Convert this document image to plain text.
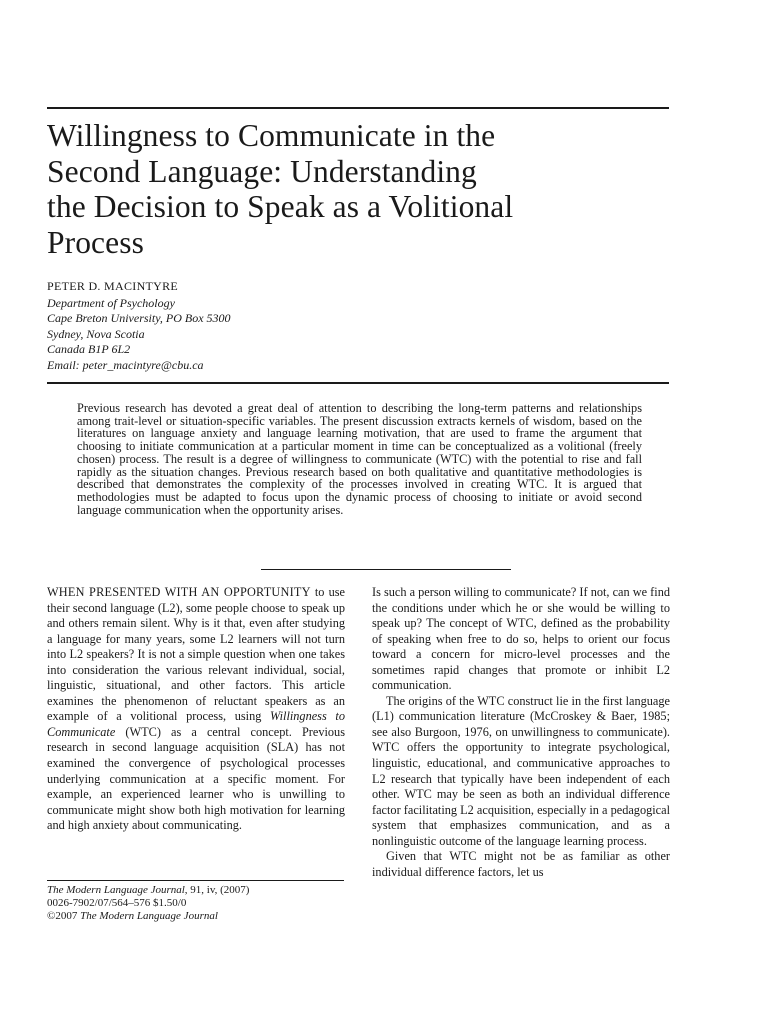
Willingness to Communicate in the
Second Language: Understanding
the Decision to Speak as a Volitional
Process
PETER D. MACINTYRE
Department of Psychology
Cape Breton University, PO Box 5300
Sydney, Nova Scotia
Canada B1P 6L2
Email: peter_macintyre@cbu.ca

Previous research has devoted a great deal of attention to describing the long-term patterns and relationships among trait-level or situation-specific variables. The present discussion extracts kernels of wisdom, based on the literatures on language anxiety and language learning motivation, that are used to frame the argument that choosing to initiate communication at a particular moment in time can be conceptualized as a volitional (freely chosen) process. The result is a degree of willingness to communicate (WTC) with the potential to rise and fall rapidly as the situation changes. Previous research based on both qualitative and quantitative methodologies is described that demonstrates the complexity of the processes involved in creating WTC. It is argued that methodologies must be adapted to focus upon the dynamic process of choosing to initiate or avoid second language communication when the opportunity arises.

WHEN PRESENTED WITH AN OPPORTUNITY to use their second language (L2), some people choose to speak up and others remain silent. Why is it that, even after studying a language for many years, some L2 learners will not turn into L2 speakers? It is not a simple question when one takes into consideration the various relevant individual, social, linguistic, situational, and other factors. This article examines the phenomenon of reluctant speakers as an example of a volitional process, using Willingness to Communicate (WTC) as a central concept. Previous research in second language acquisition (SLA) has not examined the convergence of psychological processes underlying communication at a specific moment. For example, an experienced learner who is unwilling to communicate might show both high motivation for learning and high anxiety about communicating.

Is such a person willing to communicate? If not, can we find the conditions under which he or she would be willing to speak up? The concept of WTC, defined as the probability of speaking when free to do so, helps to orient our focus toward a concern for micro-level processes and the sometimes rapid changes that promote or inhibit L2 communication.

The origins of the WTC construct lie in the first language (L1) communication literature (McCroskey & Baer, 1985; see also Burgoon, 1976, on unwillingness to communicate). WTC offers the opportunity to integrate psychological, linguistic, educational, and communicative approaches to L2 research that typically have been independent of each other. WTC may be seen as both an individual difference factor facilitating L2 acquisition, especially in a pedagogical system that emphasizes communication, and as a nonlinguistic outcome of the language learning process.

Given that WTC might not be as familiar as other individual difference factors, let us

The Modern Language Journal, 91, iv, (2007)
0026-7902/07/564–576 $1.50/0
©2007 The Modern Language Journal
